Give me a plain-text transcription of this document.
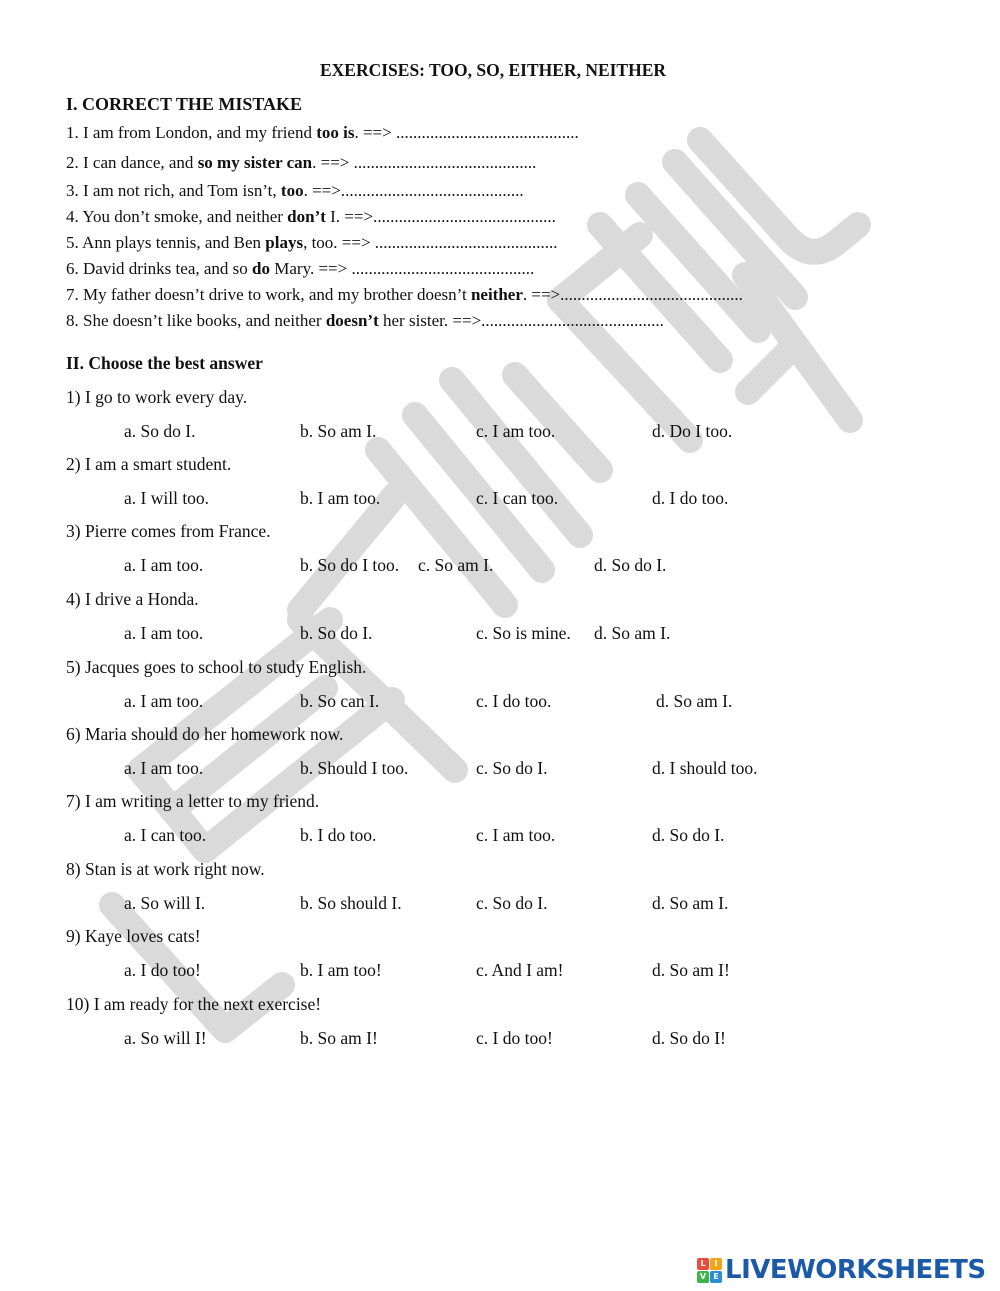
EXERCISES: TOO, SO, EITHER, NEITHER
I. CORRECT THE MISTAKE
1. I am from London, and my friend too is. ==> ...........................................
2. I can dance, and so my sister can. ==> ...........................................
3. I am not rich, and Tom isn’t, too. ==>...........................................
4. You don’t smoke, and neither don’t I. ==>...........................................
5. Ann plays tennis, and Ben plays, too. ==> ...........................................
6. David drinks tea, and so do Mary. ==> ...........................................
7. My father doesn’t drive to work, and my brother doesn’t neither. ==>...........................................
8. She doesn’t like books, and neither doesn’t her sister. ==>...........................................
II. Choose the best answer
1) I go to work every day.
a. So do I.	b. So am I.	c. I am too.	d. Do I too.
2) I am a smart student.
a. I will too.	b. I am too.	c. I can too.	d. I do too.
3) Pierre comes from France.
a. I am too.	b. So do I too. c. So am I.	d. So do I.
4) I drive a Honda.
a. I am too.	b. So do I.	c. So is mine. d. So am I.
5) Jacques goes to school to study English.
a. I am too.	b. So can I.	c. I do too.	d. So am I.
6) Maria should do her homework now.
a. I am too.	b. Should I too.	c. So do I.	d. I should too.
7) I am writing a letter to my friend.
a. I can too.	b. I do too.	c. I am too.	d. So do I.
8) Stan is at work right now.
a. So will I.	b. So should I.	c. So do I.	d. So am I.
9) Kaye loves cats!
a. I do too!	b. I am too!	c. And I am!	d. So am I!
10) I am ready for the next exercise!
a. So will I!	b. So am I!	c. I do too!	d. So do I!
L	I
V E LIVEWORKSHEETS
